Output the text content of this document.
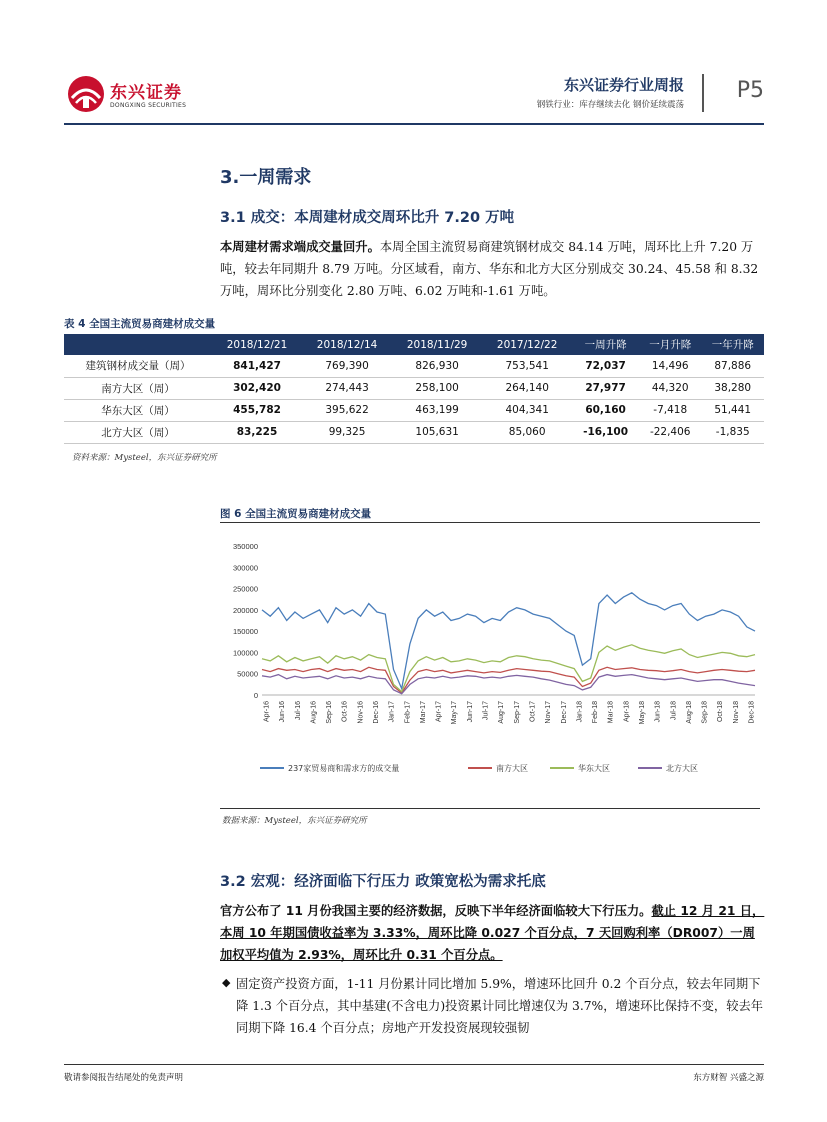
东兴证券
DONGXING SECURITIES
东兴证券行业周报
钢铁行业：库存继续去化 钢价延续震荡
P5
3.一周需求
3.1 成交：本周建材成交周环比升 7.20 万吨
本周建材需求端成交量回升。本周全国主流贸易商建筑钢材成交 84.14 万吨，周环比上升 7.20 万吨，较去年同期升 8.79 万吨。分区域看，南方、华东和北方大区分别成交 30.24、45.58 和 8.32 万吨，周环比分别变化 2.80 万吨、6.02 万吨和-1.61 万吨。
表 4 全国主流贸易商建材成交量
	2018/12/21	2018/12/14	2018/11/29	2017/12/22	一周升降	一月升降	一年升降
建筑钢材成交量（周）	841,427	769,390	826,930	753,541	72,037	14,496	87,886
南方大区（周）	302,420	274,443	258,100	264,140	27,977	44,320	38,280
华东大区（周）	455,782	395,622	463,199	404,341	60,160	-7,418	51,441
北方大区（周）	83,225	99,325	105,631	85,060	-16,100	-22,406	-1,835
资料来源：Mysteel，东兴证券研究所
图 6 全国主流贸易商建材成交量
0
50000
100000
150000
200000
250000
300000
350000
Apr-16 Jun-16 Jul-16 Aug-16 Sep-16 Oct-16 Nov-16 Dec-16 Jan-17 Feb-17 Mar-17 Apr-17 May-17 Jun-17 Jul-17 Aug-17 Sep-17 Oct-17 Nov-17 Dec-17 Jan-18 Feb-18 Mar-18 Apr-18 May-18 Jun-18 Jul-18 Aug-18 Sep-18 Oct-18 Nov-18 Dec-18
237家贸易商和需求方的成交量	南方大区	华东大区	北方大区
数据来源：Mysteel，东兴证券研究所
3.2 宏观：经济面临下行压力 政策宽松为需求托底
官方公布了 11 月份我国主要的经济数据，反映下半年经济面临较大下行压力。截止 12 月 21 日，本周 10 年期国债收益率为 3.33%，周环比降 0.027 个百分点，7 天回购利率（DR007）一周加权平均值为 2.93%，周环比升 0.31 个百分点。
◆ 固定资产投资方面，1-11 月份累计同比增加 5.9%，增速环比回升 0.2 个百分点，较去年同期下降 1.3 个百分点，其中基建(不含电力)投资累计同比增速仅为 3.7%，增速环比保持不变，较去年同期下降 16.4 个百分点；房地产开发投资展现较强韧
敬请参阅报告结尾处的免责声明	东方财智 兴盛之源
